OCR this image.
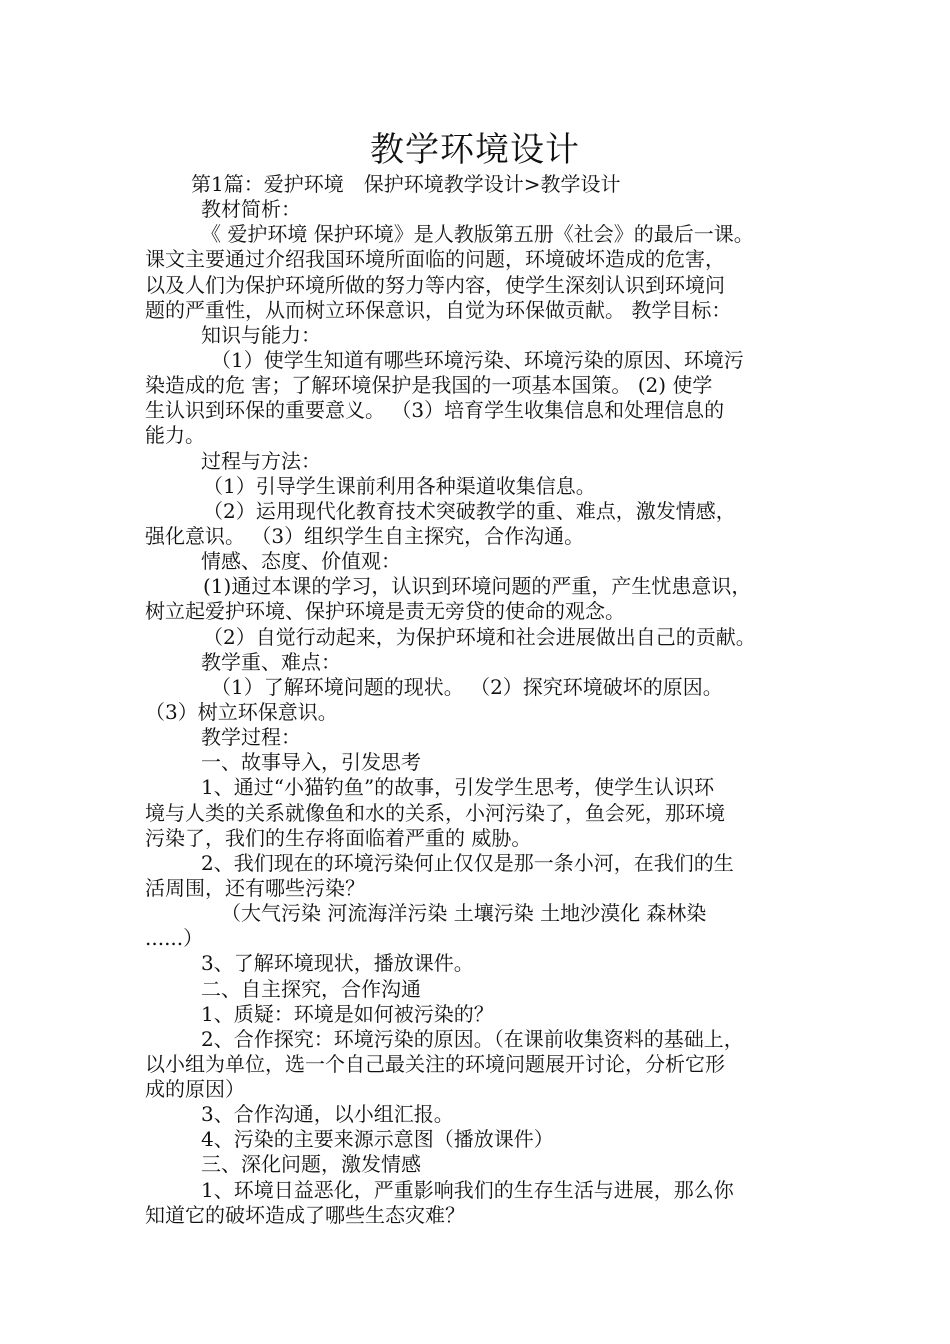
教学环境设计
第1篇：爱护环境　保护环境教学设计>教学设计
教材简析：
《 爱护环境 保护环境》是人教版第五册《社会》的最后一课。
课文主要通过介绍我国环境所面临的问题，环境破坏造成的危害，
以及人们为保护环境所做的努力等内容，使学生深刻认识到环境问
题的严重性，从而树立环保意识，自觉为环保做贡献。 教学目标：
知识与能力：
（1）使学生知道有哪些环境污染、环境污染的原因、环境污
染造成的危 害；了解环境保护是我国的一项基本国策。 (2) 使学
生认识到环保的重要意义。 （3）培育学生收集信息和处理信息的
能力。
过程与方法：
（1）引导学生课前利用各种渠道收集信息。
（2）运用现代化教育技术突破教学的重、难点，激发情感，
强化意识。 （3）组织学生自主探究，合作沟通。
情感、态度、价值观：
(1)通过本课的学习，认识到环境问题的严重，产生忧患意识，
树立起爱护环境、保护环境是责无旁贷的使命的观念。
（2）自觉行动起来，为保护环境和社会进展做出自己的贡献。
教学重、难点：
（1）了解环境问题的现状。 （2）探究环境破坏的原因。
（3）树立环保意识。
教学过程：
一、故事导入，引发思考
1、通过“小猫钓鱼”的故事，引发学生思考，使学生认识环
境与人类的关系就像鱼和水的关系，小河污染了，鱼会死，那环境
污染了，我们的生存将面临着严重的 威胁。
2、我们现在的环境污染何止仅仅是那一条小河，在我们的生
活周围，还有哪些污染？
（大气污染 河流海洋污染 土壤污染 土地沙漠化 森林染
......）
3、了解环境现状，播放课件。
二、自主探究，合作沟通
1、质疑：环境是如何被污染的？
2、合作探究：环境污染的原因。（在课前收集资料的基础上，
以小组为单位，选一个自己最关注的环境问题展开讨论，分析它形
成的原因）
3、合作沟通，以小组汇报。
4、污染的主要来源示意图（播放课件）
三、深化问题，激发情感
1、环境日益恶化，严重影响我们的生存生活与进展，那么你
知道它的破坏造成了哪些生态灾难？
